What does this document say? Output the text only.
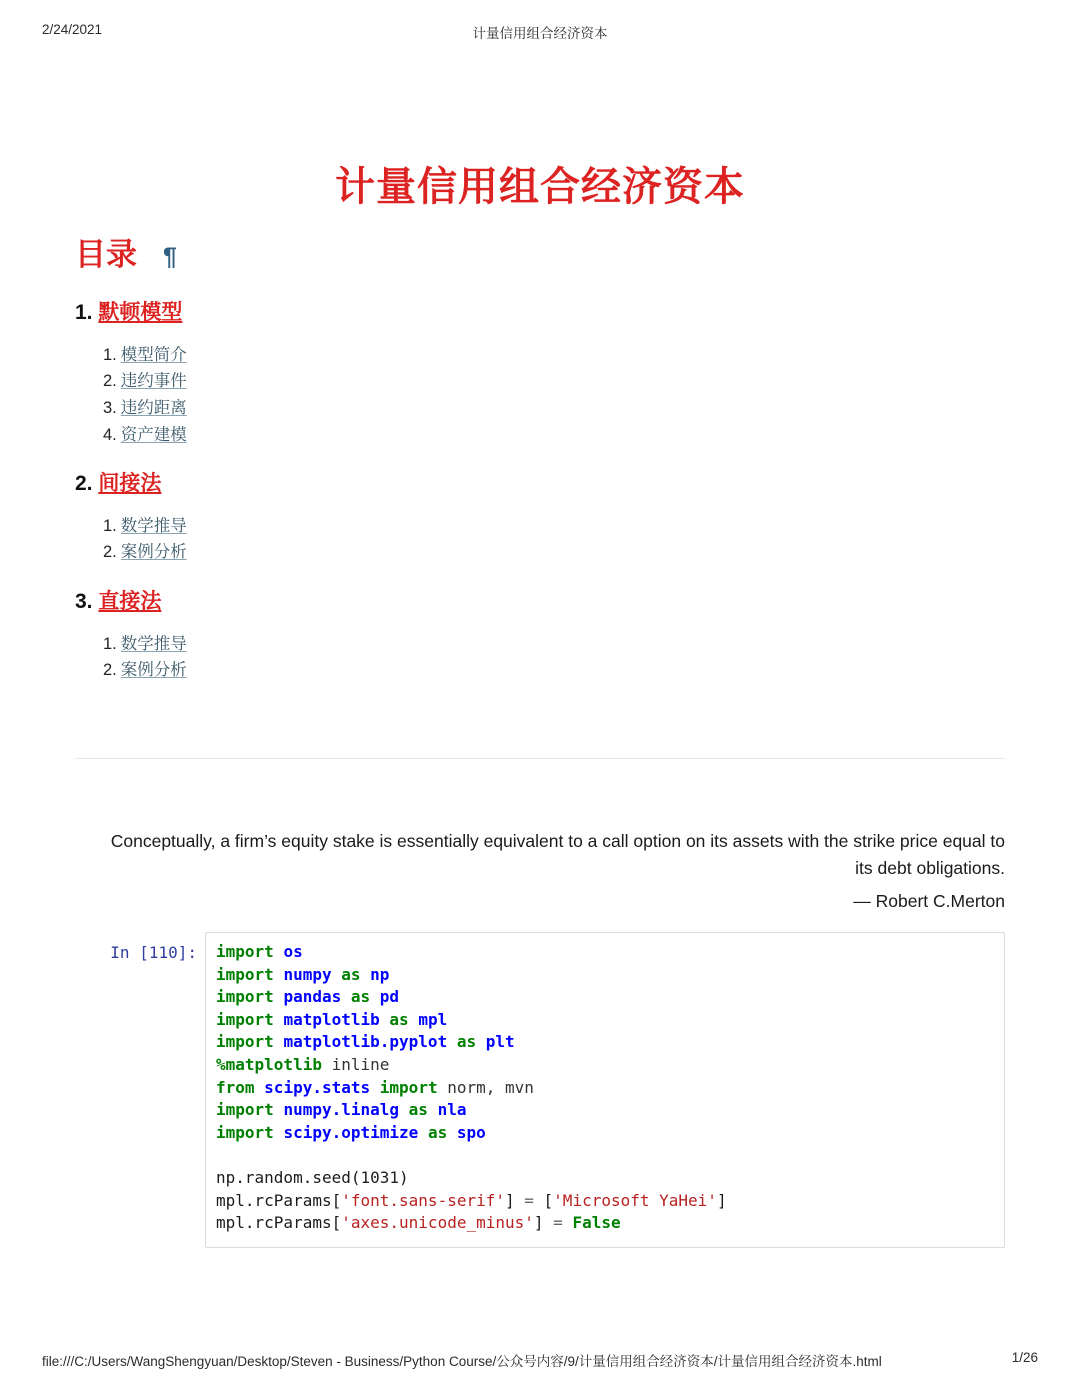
2/24/2021	计量信用组合经济资本
计量信用组合经济资本
目录 ¶
1. 默顿模型
1. 模型简介
2. 违约事件
3. 违约距离
4. 资产建模
2. 间接法
1. 数学推导
2. 案例分析
3. 直接法
1. 数学推导
2. 案例分析
Conceptually, a firm’s equity stake is essentially equivalent to a call option on its assets with the strike price equal to its debt obligations.
— Robert C.Merton
In [110]:	import os
import numpy as np
import pandas as pd
import matplotlib as mpl
import matplotlib.pyplot as plt
%matplotlib inline
from scipy.stats import norm, mvn
import numpy.linalg as nla
import scipy.optimize as spo

np.random.seed(1031)
mpl.rcParams['font.sans-serif'] = ['Microsoft YaHei']
mpl.rcParams['axes.unicode_minus'] = False
file:///C:/Users/WangShengyuan/Desktop/Steven - Business/Python Course/公众号内容/9/计量信用组合经济资本/计量信用组合经济资本.html	1/26
